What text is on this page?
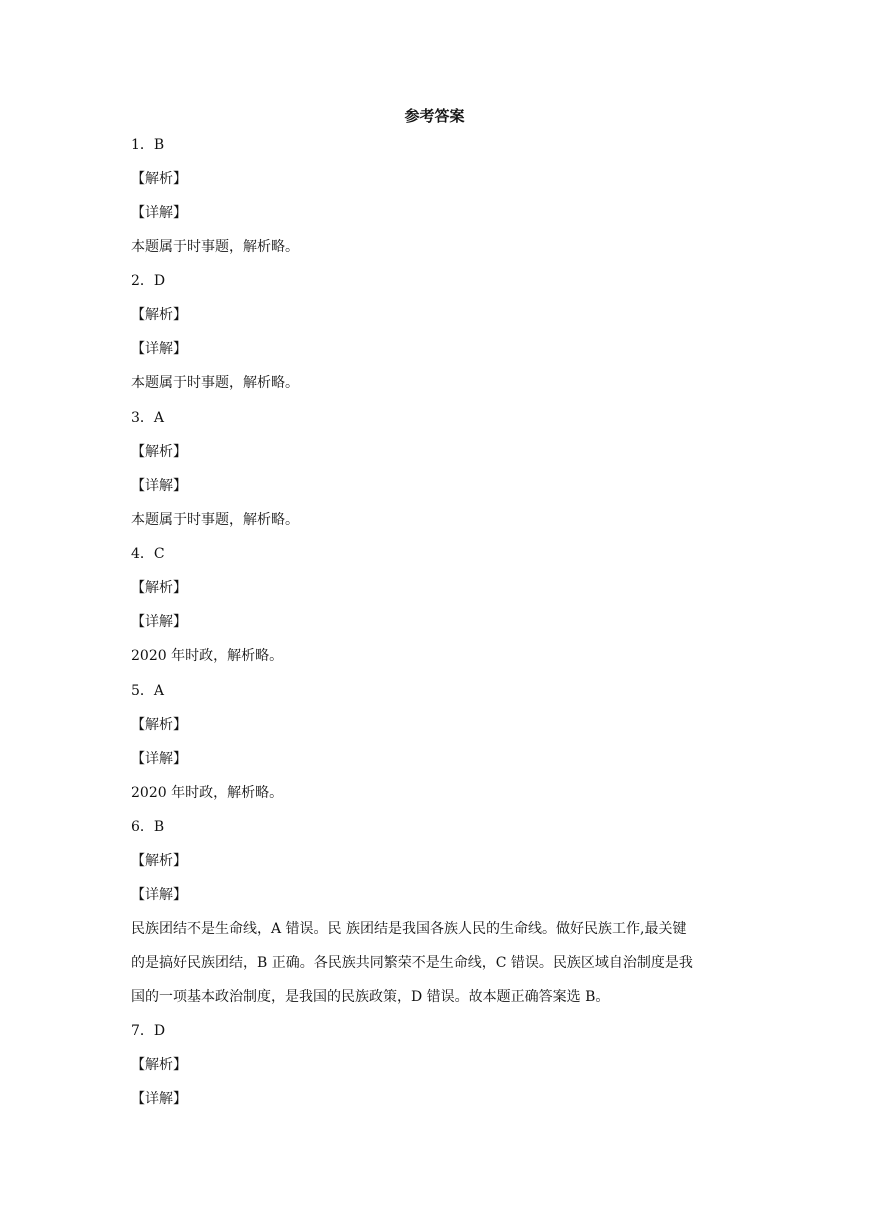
参考答案
1．B
【解析】
【详解】
本题属于时事题，解析略。
2．D
【解析】
【详解】
本题属于时事题，解析略。
3．A
【解析】
【详解】
本题属于时事题，解析略。
4．C
【解析】
【详解】
2020 年时政，解析略。
5．A
【解析】
【详解】
2020 年时政，解析略。
6．B
【解析】
【详解】
民族团结不是生命线，A 错误。民 族团结是我国各族人民的生命线。做好民族工作,最关键
的是搞好民族团结，B 正确。各民族共同繁荣不是生命线，C 错误。民族区域自治制度是我
国的一项基本政治制度，是我国的民族政策，D 错误。故本题正确答案选 B。
7．D
【解析】
【详解】
